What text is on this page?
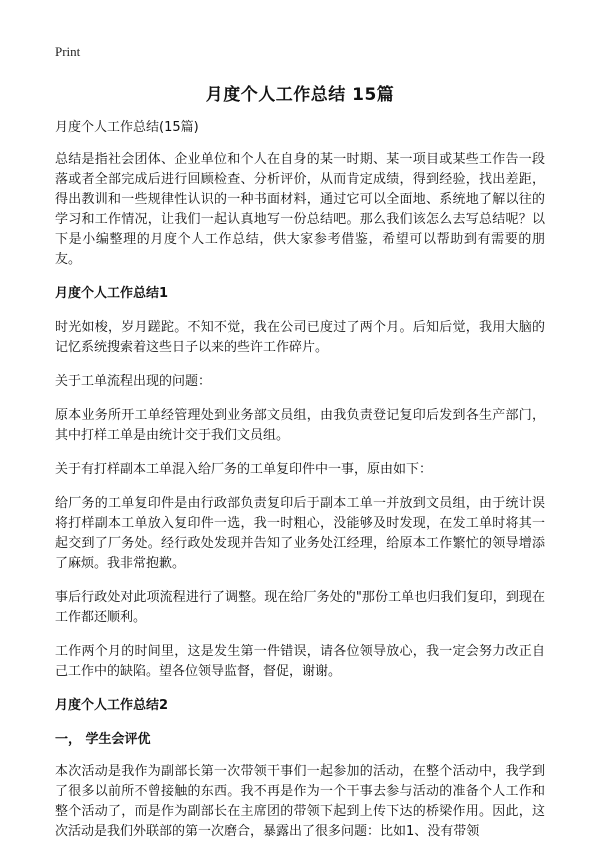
Print
月度个人工作总结 15篇

月度个人工作总结(15篇)

总结是指社会团体、企业单位和个人在自身的某一时期、某一项目或某些工作告一段落或者全部完成后进行回顾检查、分析评价，从而肯定成绩，得到经验，找出差距，得出教训和一些规律性认识的一种书面材料，通过它可以全面地、系统地了解以往的学习和工作情况，让我们一起认真地写一份总结吧。那么我们该怎么去写总结呢？以下是小编整理的月度个人工作总结，供大家参考借鉴，希望可以帮助到有需要的朋友。

月度个人工作总结1

时光如梭，岁月蹉跎。不知不觉，我在公司已度过了两个月。后知后觉，我用大脑的记忆系统搜索着这些日子以来的些许工作碎片。

关于工单流程出现的问题：

原本业务所开工单经管理处到业务部文员组，由我负责登记复印后发到各生产部门，其中打样工单是由统计交于我们文员组。

关于有打样副本工单混入给厂务的工单复印件中一事，原由如下：

给厂务的工单复印件是由行政部负责复印后于副本工单一并放到文员组，由于统计误将打样副本工单放入复印件一选，我一时粗心，没能够及时发现，在发工单时将其一起交到了厂务处。经行政处发现并告知了业务处江经理，给原本工作繁忙的领导增添了麻烦。我非常抱歉。

事后行政处对此项流程进行了调整。现在给厂务处的"那份工单也归我们复印，到现在工作都还顺利。

工作两个月的时间里，这是发生第一件错误，请各位领导放心，我一定会努力改正自己工作中的缺陷。望各位领导监督，督促，谢谢。

月度个人工作总结2
一， 学生会评优

本次活动是我作为副部长第一次带领干事们一起参加的活动，在整个活动中，我学到了很多以前所不曾接触的东西。我不再是作为一个干事去参与活动的准备个人工作和整个活动了，而是作为副部长在主席团的带领下起到上传下达的桥梁作用。因此，这次活动是我们外联部的第一次磨合，暴露出了很多问题：比如1、没有带领
